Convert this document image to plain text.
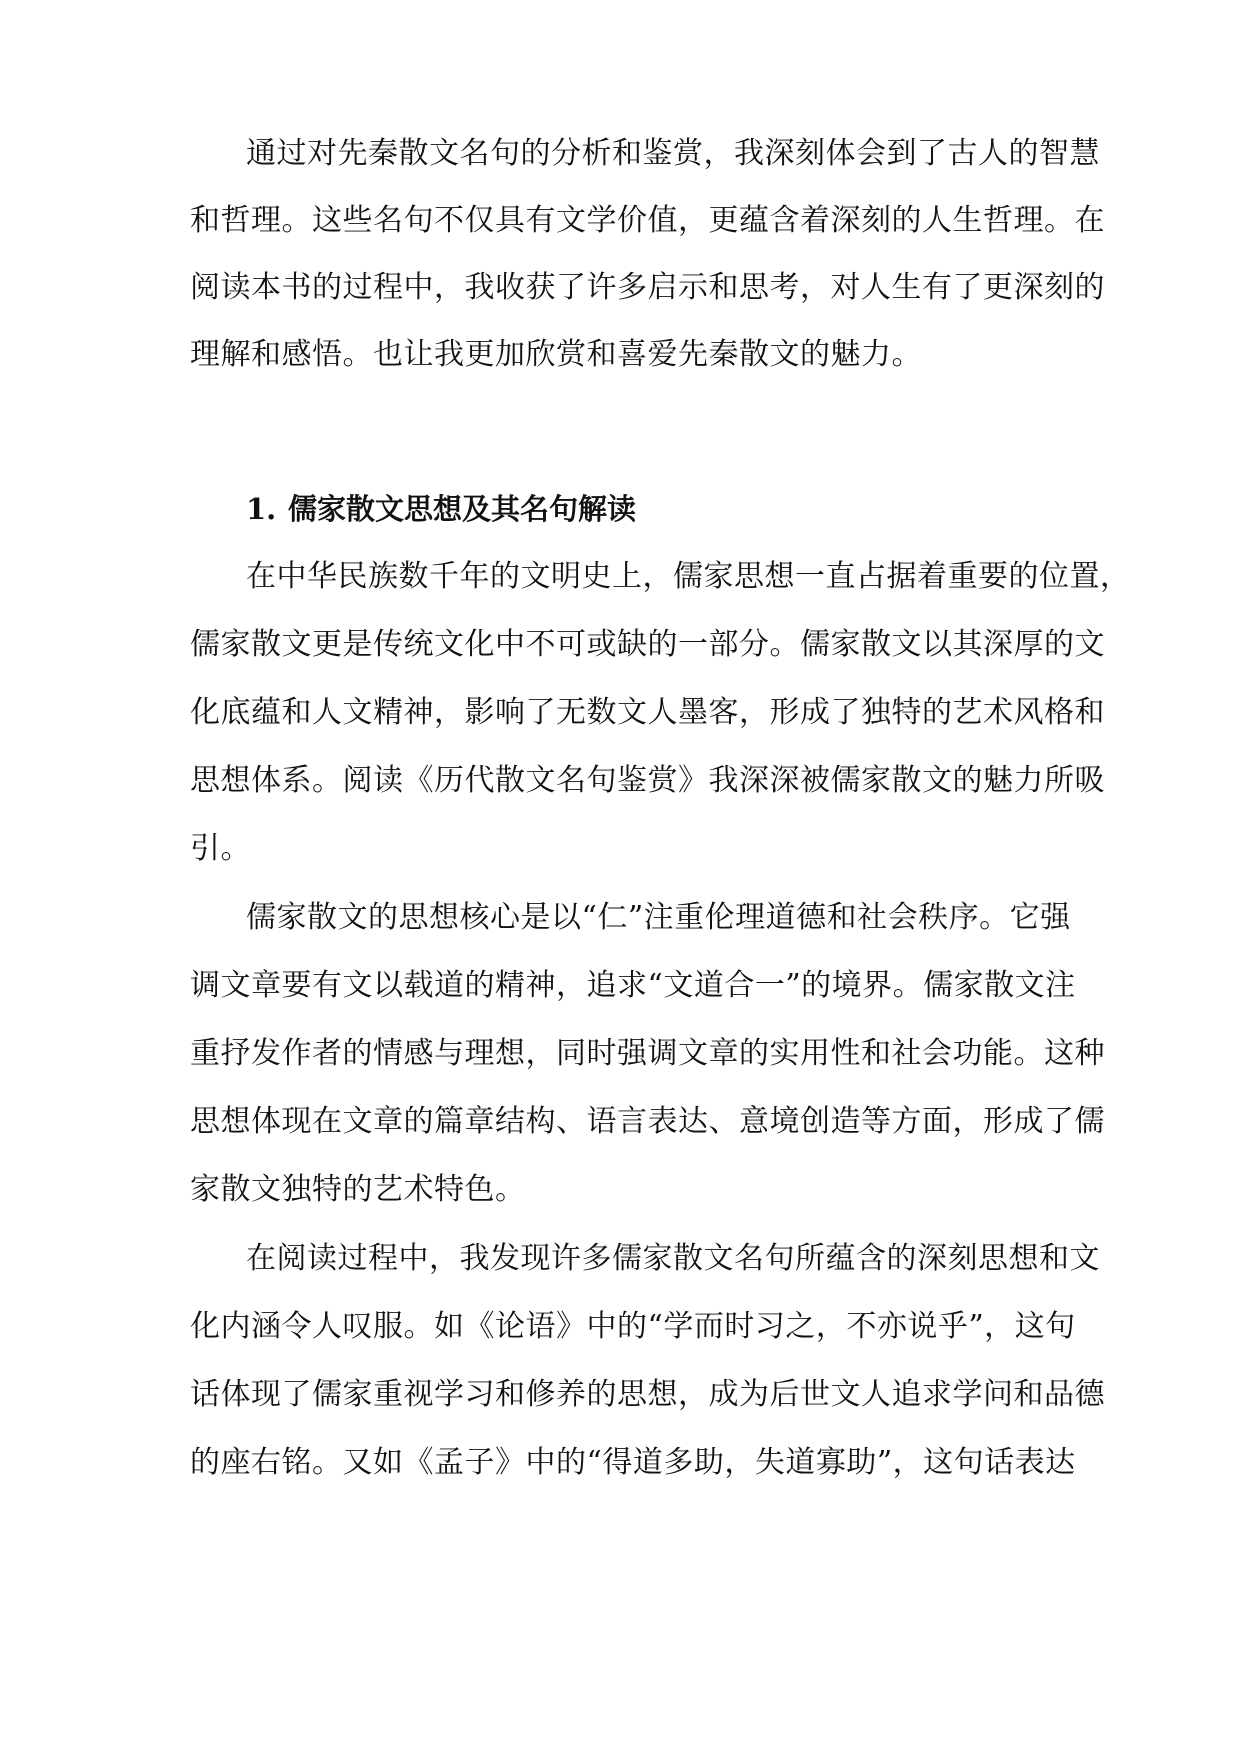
通过对先秦散文名句的分析和鉴赏，我深刻体会到了古人的智慧
和哲理。这些名句不仅具有文学价值，更蕴含着深刻的人生哲理。在
阅读本书的过程中，我收获了许多启示和思考，对人生有了更深刻的
理解和感悟。也让我更加欣赏和喜爱先秦散文的魅力。
1. 儒家散文思想及其名句解读
在中华民族数千年的文明史上，儒家思想一直占据着重要的位置，
儒家散文更是传统文化中不可或缺的一部分。儒家散文以其深厚的文
化底蕴和人文精神，影响了无数文人墨客，形成了独特的艺术风格和
思想体系。阅读《历代散文名句鉴赏》我深深被儒家散文的魅力所吸
引。
儒家散文的思想核心是以“仁”注重伦理道德和社会秩序。它强
调文章要有文以载道的精神，追求“文道合一”的境界。儒家散文注
重抒发作者的情感与理想，同时强调文章的实用性和社会功能。这种
思想体现在文章的篇章结构、语言表达、意境创造等方面，形成了儒
家散文独特的艺术特色。
在阅读过程中，我发现许多儒家散文名句所蕴含的深刻思想和文
化内涵令人叹服。如《论语》中的“学而时习之，不亦说乎”，这句
话体现了儒家重视学习和修养的思想，成为后世文人追求学问和品德
的座右铭。又如《孟子》中的“得道多助，失道寡助”，这句话表达
